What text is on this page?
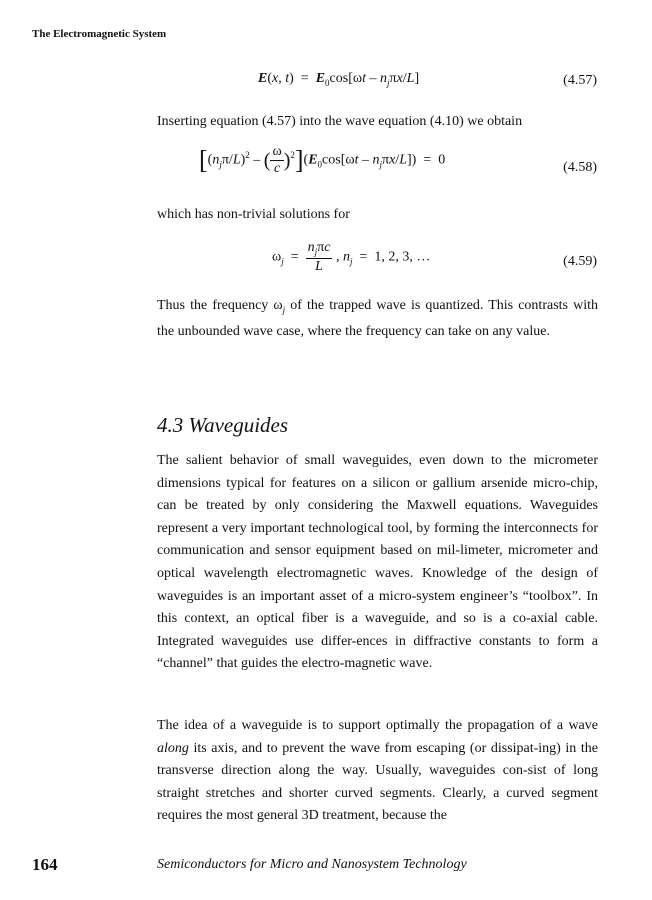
The Electromagnetic System
E(x, $t) = E_0\cos[\omega t - n_j\pi x/L]$	(4.57)
Inserting equation (4.57) into the wave equation (4.10) we obtain
[$(n_j\pi/L)^2$ – ( $\frac{\omega}{c} )^2](E_0\cos[\omega t - n_j\pi x/L]) = 0$	(4.58)
which has non-trivial solutions for
$\omega_j = \frac{n_j\pi c}{L}$ , $n_j = 1$, 2, 3, …	(4.59)
Thus the frequency $\omega_j$ of the trapped wave is quantized. This contrasts with the unbounded wave case, where the frequency can take on any value.
4.3 Waveguides
The salient behavior of small waveguides, even down to the micrometer dimensions typical for features on a silicon or gallium arsenide micro-chip, can be treated by only considering the Maxwell equations. Waveguides represent a very important technological tool, by forming the interconnects for communication and sensor equipment based on mil-limeter, micrometer and optical wavelength electromagnetic waves. Knowledge of the design of waveguides is an important asset of a micro-system engineer’s “toolbox”. In this context, an optical fiber is a waveguide, and so is a co-axial cable. Integrated waveguides use differ-ences in diffractive constants to form a “channel” that guides the electro-magnetic wave.
The idea of a waveguide is to support optimally the propagation of a wave along its axis, and to prevent the wave from escaping (or dissipat-ing) in the transverse direction along the way. Usually, waveguides con-sist of long straight stretches and shorter curved segments. Clearly, a curved segment requires the most general 3D treatment, because the
164	Semiconductors for Micro and Nanosystem Technology
